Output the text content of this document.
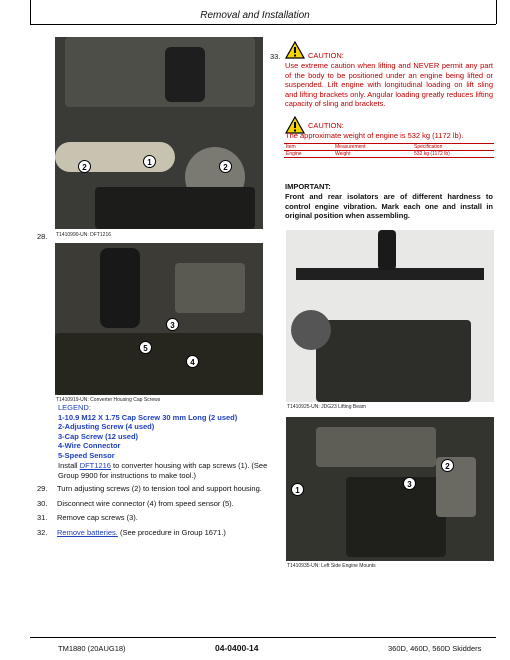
Removal and Installation
1
2	2
T1410990-UN: DFT1216
28.
33.	CAUTION:
Use extreme caution when lifting and NEVER permit any part of the body to be positioned under an engine being lifted or suspended. Lift engine with longitudinal loading on lift sling and lifting brackets only. Angular loading greatly reduces lifting capacity of sling and brackets.
CAUTION:
The approximate weight of engine is 532 kg (1172 lb).
Item	Measurement	Specification
Engine	Weight	532 kg (1172 lb)
IMPORTANT:
Front and rear isolators are of different hardness to control engine vibration. Mark each one and install in original position when assembling.
3
5
4
T1410919-UN: Converter Housing Cap Screws
LEGEND:
1-10.9 M12 X 1.75 Cap Screw 30 mm Long (2 used)
2-Adjusting Screw (4 used)
3-Cap Screw (12 used)
4-Wire Connector
5-Speed Sensor
Install DFT1216 to converter housing with cap screws (1). (See Group 9900 for instructions to make tool.)
T1410925-UN: JDG23 Lifting Beam
2
3
1
T1410935-UN: Left Side Engine Mounts
29.	Turn adjusting screws (2) to tension tool and support housing.
30.	Disconnect wire connector (4) from speed sensor (5).
31.	Remove cap screws (3).
32.	Remove batteries. (See procedure in Group 1671.)
TM1880 (20AUG18)	04-0400-14	360D, 460D, 560D Skidders
